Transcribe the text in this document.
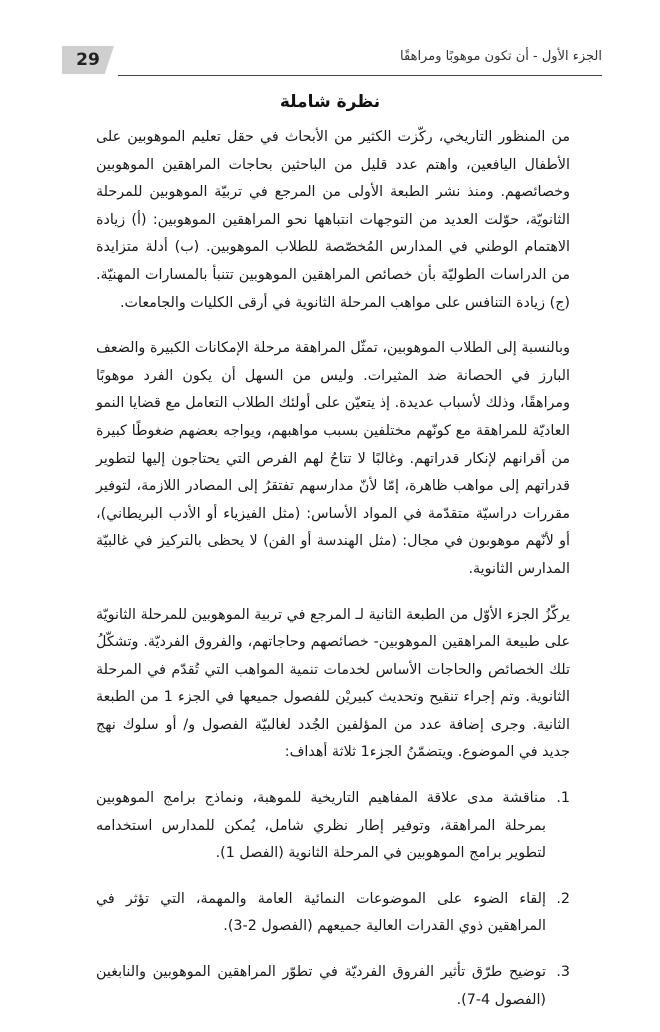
29	الجزء الأول - أن تكون موهوبًا ومراهقًا
نظرة شاملة

من المنظور التاريخي، ركّزت الكثير من الأبحاث في حقل تعليم الموهوبين على الأطفال اليافعين، واهتم عدد قليل من الباحثين بحاجات المراهقين الموهوبين وخصائصهم. ومنذ نشر الطبعة الأولى من المرجع في تربيّة الموهوبين للمرحلة الثانويّة، حوّلت العديد من التوجهات انتباهها نحو المراهقين الموهوبين: (أ) زيادة الاهتمام الوطني في المدارس المُخصّصة للطلاب الموهوبين. (ب) أدلة متزايدة من الدراسات الطوليّة بأن خصائص المراهقين الموهوبين تتنبأ بالمسارات المهنيّة. (ج) زيادة التنافس على مواهب المرحلة الثانوية في أرقى الكليات والجامعات.

وبالنسبة إلى الطلاب الموهوبين، تمثّل المراهقة مرحلة الإمكانات الكبيرة والضعف البارز في الحصانة ضد المثيرات. وليس من السهل أن يكون الفرد موهوبًا ومراهقًا، وذلك لأسباب عديدة. إذ يتعيّن على أولئك الطلاب التعامل مع قضايا النمو العاديّة للمراهقة مع كونّهم مختلفين بسبب مواهبهم، ويواجه بعضهم ضغوطًا كبيرة من أقرانهم لإنكار قدراتهم. وغالبًا لا تتاحُ لهم الفرص التي يحتاجون إليها لتطوير قدراتهم إلى مواهب ظاهرة، إمّا لأنّ مدارسهم تفتقرُ إلى المصادر اللازمة، لتوفير مقررات دراسيّة متقدّمة في المواد الأساس: (مثل الفيزياء أو الأدب البريطاني)، أو لأنّهم موهوبون في مجال: (مثل الهندسة أو الفن) لا يحظى بالتركيز في غالبيّة المدارس الثانوية.

يركّزُ الجزء الأوّل من الطبعة الثانية لـ المرجع في تربية الموهوبين للمرحلة الثانويّة على طبيعة المراهقين الموهوبين- خصائصهم وحاجاتهم، والفروق الفرديّة. وتشكّلُ تلك الخصائص والحاجات الأساس لخدمات تنمية المواهب التي تُقدّم في المرحلة الثانوية. وتم إجراء تنقيح وتحديث كبيريْن للفصول جميعها في الجزء 1 من الطبعة الثانية. وجرى إضافة عدد من المؤلفين الجُدد لغالبيّة الفصول و/ أو سلوك نهج جديد في الموضوع. ويتضمّنُ الجزء1 ثلاثة أهداف:

1.
مناقشة مدى علاقة المفاهيم التاريخية للموهبة، ونماذج برامج الموهوبين بمرحلة المراهقة، وتوفير إطار نظري شامل، يُمكن للمدارس استخدامه لتطوير برامج الموهوبين في المرحلة الثانوية (الفصل 1).
2.
إلقاء الضوء على الموضوعات النمائية العامة والمهمة، التي تؤثر في المراهقين ذوي القدرات العالية جميعهم (الفصول 2-3).
3.
توضيح طرّق تأثير الفروق الفرديّة في تطوّر المراهقين الموهوبين والنابغين (الفصول 4-7).
